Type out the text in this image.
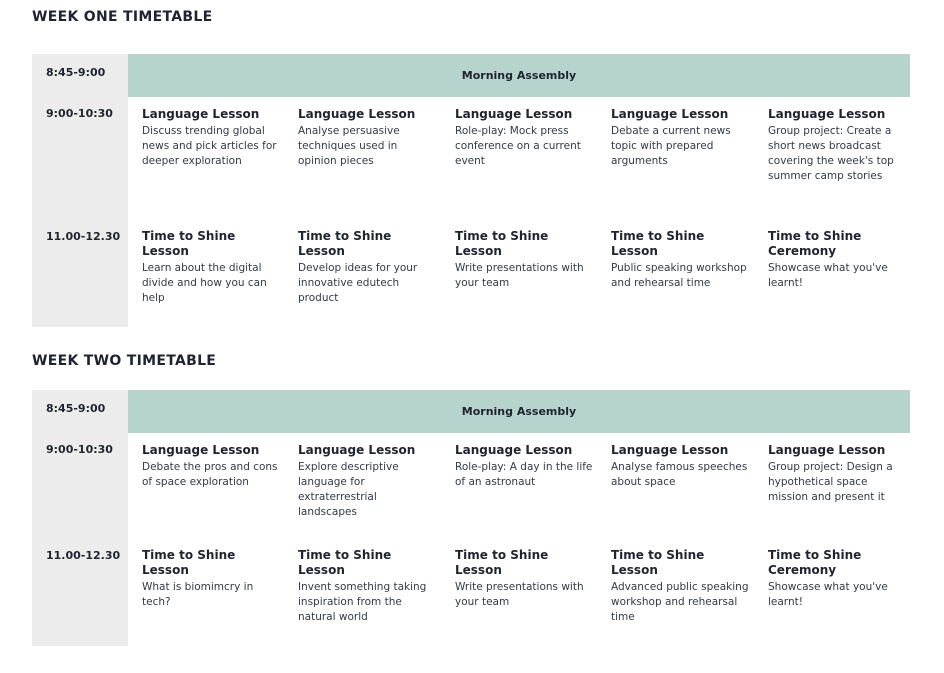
WEEK ONE TIMETABLE
8:45-9:00	Morning Assembly
9:00-10:30 Language Lesson
Discuss trending global news and pick articles for deeper exploration
Language Lesson
Analyse persuasive techniques used in opinion pieces
Language Lesson
Role-play: Mock press conference on a current event
Language Lesson
Debate a current news topic with prepared arguments
Language Lesson
Group project: Create a short news broadcast covering the week's top summer camp stories
11.00-12.30 Time to Shine Lesson
Learn about the digital divide and how you can help
Time to Shine Lesson
Develop ideas for your innovative edutech product
Time to Shine Lesson
Write presentations with your team
Time to Shine Lesson
Public speaking workshop and rehearsal time
Time to Shine Ceremony
Showcase what you've learnt!
WEEK TWO TIMETABLE
8:45-9:00	Morning Assembly
9:00-10:30 Language Lesson
Debate the pros and cons of space exploration
Language Lesson
Explore descriptive language for extraterrestrial landscapes
Language Lesson
Role-play: A day in the life of an astronaut
Language Lesson
Analyse famous speeches about space
Language Lesson
Group project: Design a hypothetical space mission and present it
11.00-12.30 Time to Shine Lesson
What is biomimcry in tech?
Time to Shine Lesson
Invent something taking inspiration from the natural world
Time to Shine Lesson
Write presentations with your team
Time to Shine Lesson
Advanced public speaking workshop and rehearsal time
Time to Shine Ceremony
Showcase what you've learnt!
